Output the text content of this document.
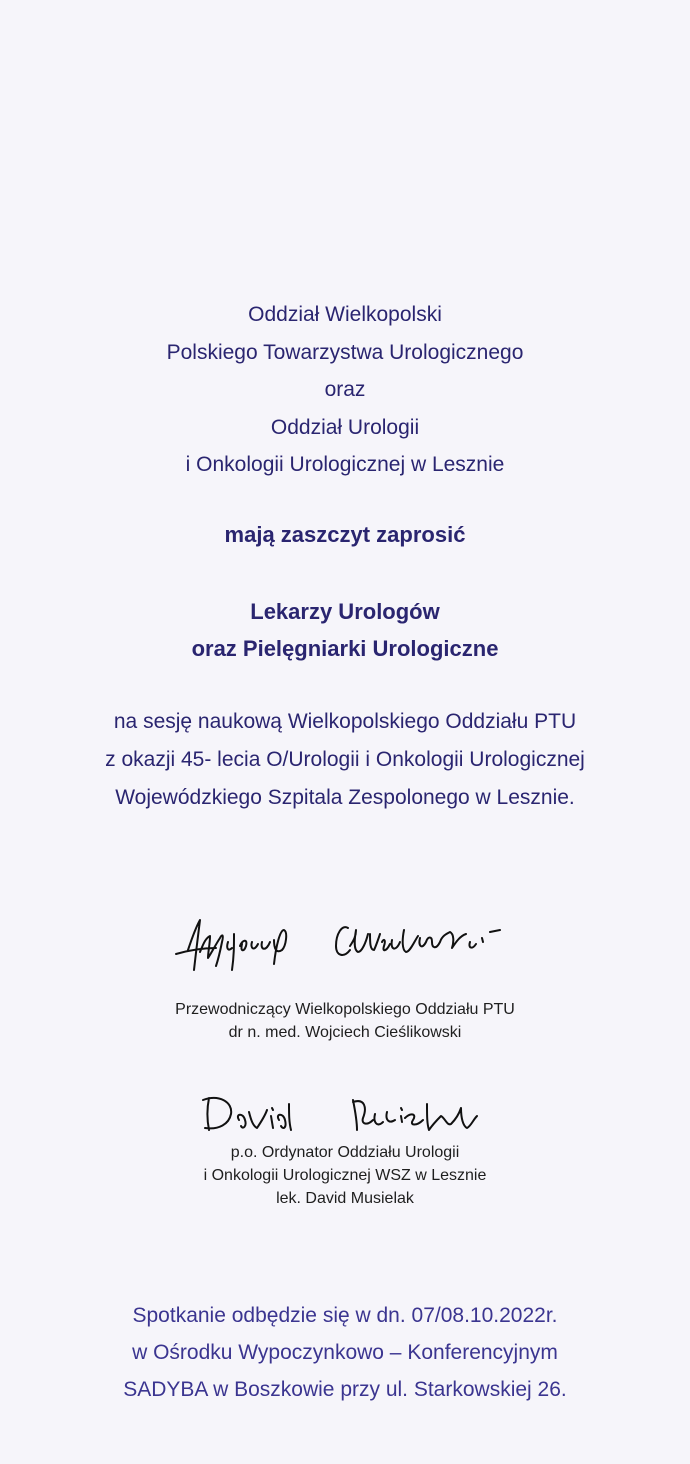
Oddział Wielkopolski
Polskiego Towarzystwa Urologicznego
oraz
Oddział Urologii
i Onkologii Urologicznej w Lesznie
mają zaszczyt zaprosić
Lekarzy Urologów
oraz Pielęgniarki Urologiczne
na sesję naukową Wielkopolskiego Oddziału PTU
z okazji 45- lecia O/Urologii i Onkologii Urologicznej
Wojewódzkiego Szpitala Zespolonego w Lesznie.
Przewodniczący Wielkopolskiego Oddziału PTU
dr n. med. Wojciech Cieślikowski
p.o. Ordynator Oddziału Urologii
i Onkologii Urologicznej WSZ w Lesznie
lek. David Musielak
Spotkanie odbędzie się w dn. 07/08.10.2022r.
w Ośrodku Wypoczynkowo – Konferencyjnym
SADYBA w Boszkowie przy ul. Starkowskiej 26.
